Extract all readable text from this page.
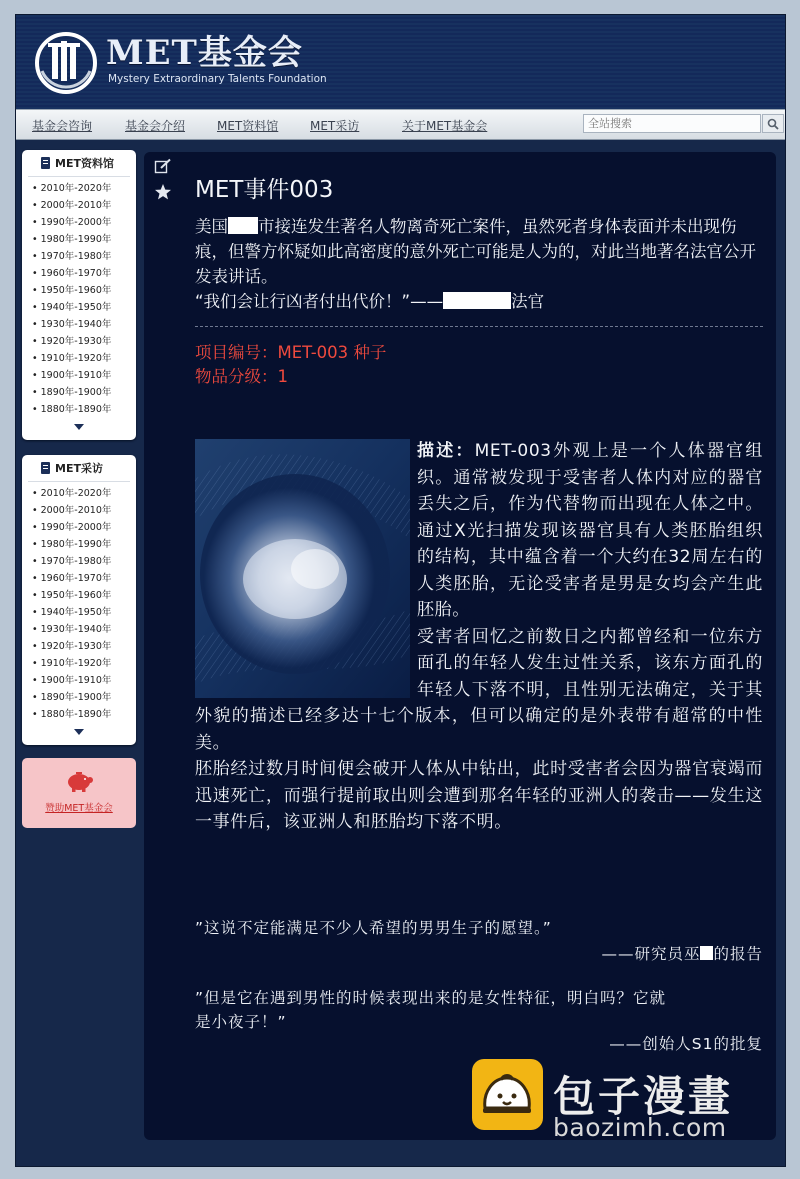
MET基金会
Mystery Extraordinary Talents Foundation
基金会咨询	基金会介绍	MET资料馆	MET采访	关于MET基金会
全站搜索
MET资料馆
• 2010年-2020年
• 2000年-2010年
• 1990年-2000年
• 1980年-1990年
• 1970年-1980年
• 1960年-1970年
• 1950年-1960年
• 1940年-1950年
• 1930年-1940年
• 1920年-1930年
• 1910年-1920年
• 1900年-1910年
• 1890年-1900年
• 1880年-1890年
MET采访
• 2010年-2020年
• 2000年-2010年
• 1990年-2000年
• 1980年-1990年
• 1970年-1980年
• 1960年-1970年
• 1950年-1960年
• 1940年-1950年
• 1930年-1940年
• 1920年-1930年
• 1910年-1920年
• 1900年-1910年
• 1890年-1900年
• 1880年-1890年
赞助MET基金会
MET事件003
美国 市接连发生著名人物离奇死亡案件，虽然死者身体表面并未出现伤痕，但警方怀疑如此高密度的意外死亡可能是人为的，对此当地著名法官公开发表讲话。
“我们会让行凶者付出代价！”——	法官
项目编号：MET-003 种子
物品分级：1

描述：MET-003外观上是一个人体器官组织。通常被发现于受害者人体内对应的器官丢失之后，作为代替物而出现在人体之中。通过X光扫描发现该器官具有人类胚胎组织的结构，其中蕴含着一个大约在32周左右的人类胚胎，无论受害者是男是女均会产生此胚胎。

受害者回忆之前数日之内都曾经和一位东方面孔的年轻人发生过性关系，该东方面孔的年轻人下落不明，且性别无法确定，关于其外貌的描述已经多达十七个版本，但可以确定的是外表带有超常的中性美。

胚胎经过数月时间便会破开人体从中钻出，此时受害者会因为器官衰竭而迅速死亡，而强行提前取出则会遭到那名年轻的亚洲人的袭击——发生这一事件后，该亚洲人和胚胎均下落不明。

”这说不定能满足不少人希望的男男生子的愿望。”
——研究员巫 的报告
”但是它在遇到男性的时候表现出来的是女性特征，明白吗？它就
是小夜子！”
——创始人S1的批复
包子漫畫
baozimh.com
